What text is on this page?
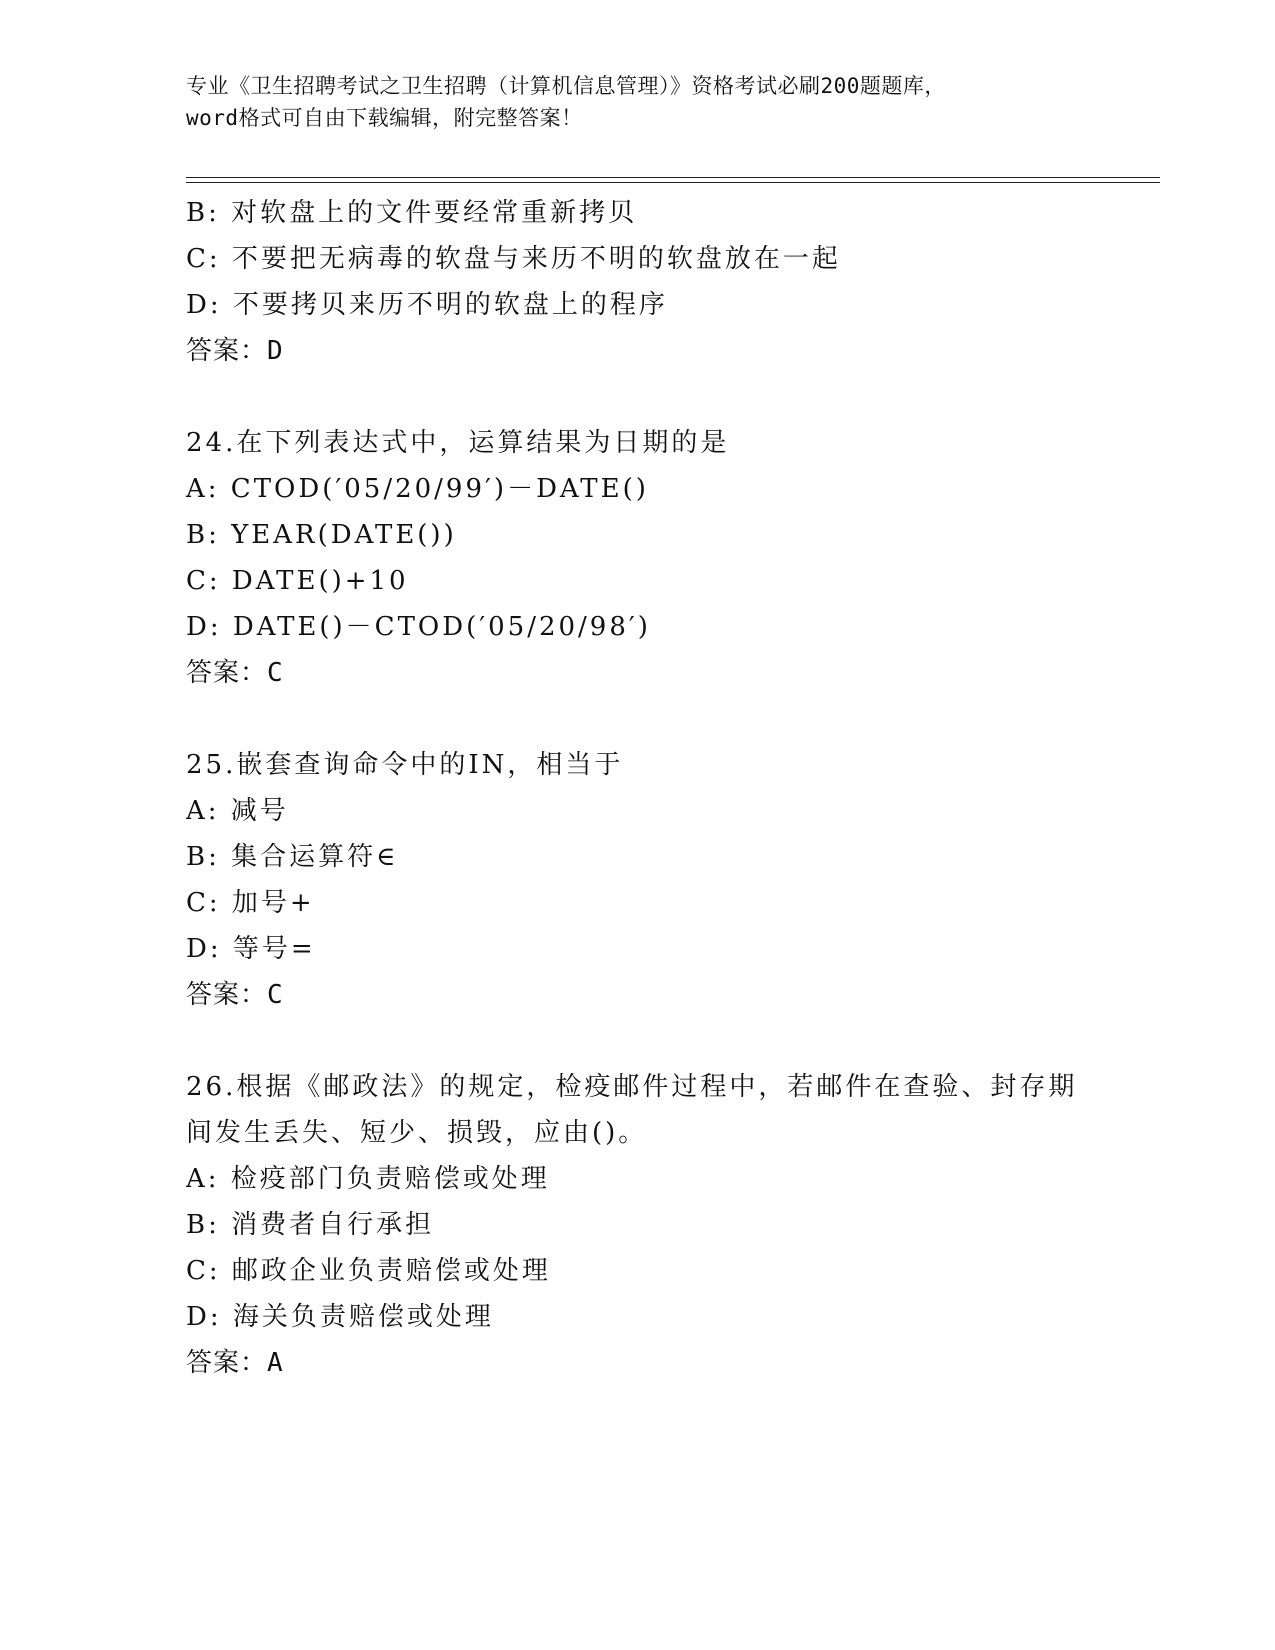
专业《卫生招聘考试之卫生招聘（计算机信息管理）》资格考试必刷200题题库，
word格式可自由下载编辑，附完整答案！
B: 对软盘上的文件要经常重新拷贝
C: 不要把无病毒的软盘与来历不明的软盘放在一起
D: 不要拷贝来历不明的软盘上的程序
答案：D
24.在下列表达式中，运算结果为日期的是
A: CTOD(′05/20/99′)－DATE()
B: YEAR(DATE())
C: DATE()+10
D: DATE()－CTOD(′05/20/98′)
答案：C
25.嵌套查询命令中的IN，相当于
A: 减号
B: 集合运算符∈
C: 加号+
D: 等号=
答案：C
26.根据《邮政法》的规定，检疫邮件过程中，若邮件在查验、封存期
间发生丢失、短少、损毁，应由()。
A: 检疫部门负责赔偿或处理
B: 消费者自行承担
C: 邮政企业负责赔偿或处理
D: 海关负责赔偿或处理
答案：A
